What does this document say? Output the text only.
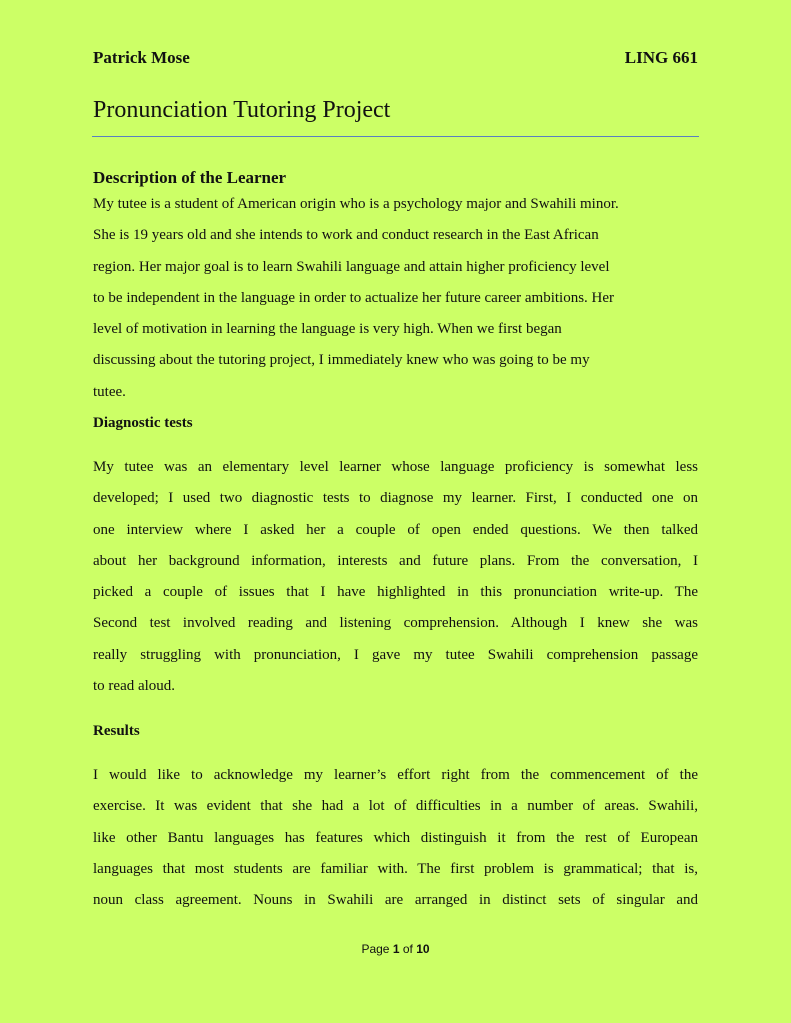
Patrick Mose	LING 661
Pronunciation Tutoring Project
Description of the Learner
My tutee is a student of American origin who is a psychology major and Swahili minor.
She is 19 years old and she intends to work and conduct research in the East African
region. Her major goal is to learn Swahili language and attain higher proficiency level
to be independent in the language in order to actualize her future career ambitions. Her
level of motivation in learning the language is very high. When we first began
discussing about the tutoring project, I immediately knew who was going to be my
tutee.
Diagnostic tests
My tutee was an elementary level learner whose language proficiency is somewhat less
developed; I used two diagnostic tests to diagnose my learner. First, I conducted one on
one interview where I asked her a couple of open ended questions. We then talked
about her background information, interests and future plans. From the conversation, I
picked a couple of issues that I have highlighted in this pronunciation write-up. The
Second test involved reading and listening comprehension. Although I knew she was
really struggling with pronunciation, I gave my tutee Swahili comprehension passage
to read aloud.
Results
I would like to acknowledge my learner’s effort right from the commencement of the
exercise. It was evident that she had a lot of difficulties in a number of areas. Swahili,
like other Bantu languages has features which distinguish it from the rest of European
languages that most students are familiar with. The first problem is grammatical; that is,
noun class agreement. Nouns in Swahili are arranged in distinct sets of singular and
Page 1 of 10
